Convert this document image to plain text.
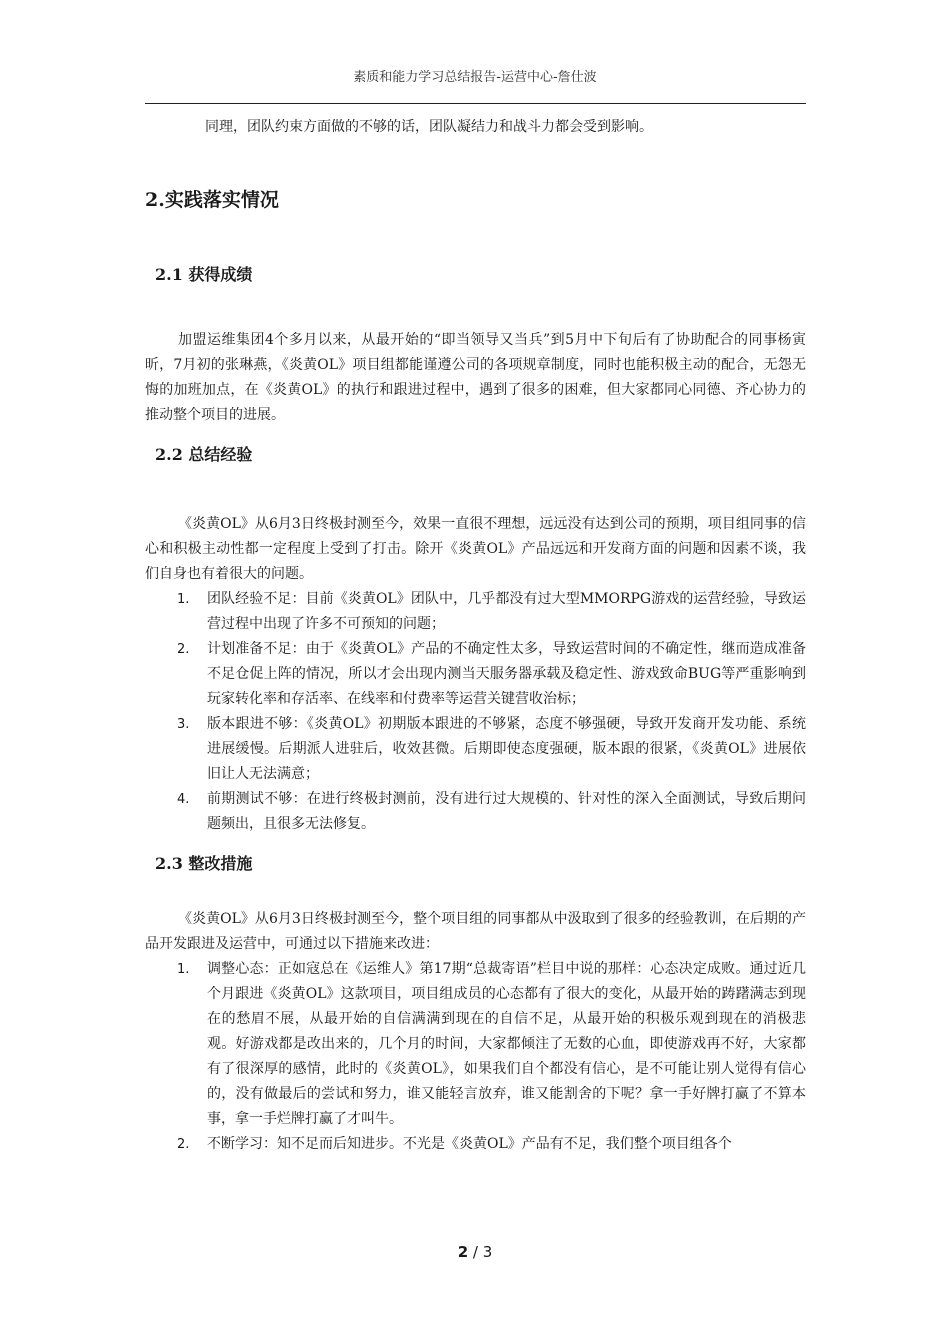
素质和能力学习总结报告-运营中心-詹仕波

同理，团队约束方面做的不够的话，团队凝结力和战斗力都会受到影响。

2.实践落实情况
2.1 获得成绩

加盟运维集团4个多月以来，从最开始的“即当领导又当兵”到5月中下旬后有了协助配合的同事杨寅昕，7月初的张琳燕，《炎黄OL》项目组都能谨遵公司的各项规章制度，同时也能积极主动的配合，无怨无悔的加班加点，在《炎黄OL》的执行和跟进过程中，遇到了很多的困难，但大家都同心同德、齐心协力的推动整个项目的进展。

2.2 总结经验

《炎黄OL》从6月3日终极封测至今，效果一直很不理想，远远没有达到公司的预期，项目组同事的信心和积极主动性都一定程度上受到了打击。除开《炎黄OL》产品远远和开发商方面的问题和因素不谈，我们自身也有着很大的问题。

1. 团队经验不足：目前《炎黄OL》团队中，几乎都没有过大型MMORPG游戏的运营经验，导致运营过程中出现了许多不可预知的问题；
2. 计划准备不足：由于《炎黄OL》产品的不确定性太多，导致运营时间的不确定性，继而造成准备不足仓促上阵的情况，所以才会出现内测当天服务器承载及稳定性、游戏致命BUG等严重影响到玩家转化率和存活率、在线率和付费率等运营关键营收治标；
3. 版本跟进不够：《炎黄OL》初期版本跟进的不够紧，态度不够强硬，导致开发商开发功能、系统进展缓慢。后期派人进驻后，收效甚微。后期即使态度强硬，版本跟的很紧，《炎黄OL》进展依旧让人无法满意；
4. 前期测试不够：在进行终极封测前，没有进行过大规模的、针对性的深入全面测试，导致后期问题频出，且很多无法修复。
2.3 整改措施

《炎黄OL》从6月3日终极封测至今，整个项目组的同事都从中汲取到了很多的经验教训，在后期的产品开发跟进及运营中，可通过以下措施来改进：

1. 调整心态：正如寇总在《运维人》第17期“总裁寄语”栏目中说的那样：心态决定成败。通过近几个月跟进《炎黄OL》这款项目，项目组成员的心态都有了很大的变化，从最开始的踌躇满志到现在的愁眉不展，从最开始的自信满满到现在的自信不足，从最开始的积极乐观到现在的消极悲观。好游戏都是改出来的，几个月的时间，大家都倾注了无数的心血，即使游戏再不好，大家都有了很深厚的感情，此时的《炎黄OL》，如果我们自个都没有信心，是不可能让别人觉得有信心的，没有做最后的尝试和努力，谁又能轻言放弃，谁又能割舍的下呢？拿一手好牌打赢了不算本事，拿一手烂牌打赢了才叫牛。
2. 不断学习：知不足而后知进步。不光是《炎黄OL》产品有不足，我们整个项目组各个
2 / 3
